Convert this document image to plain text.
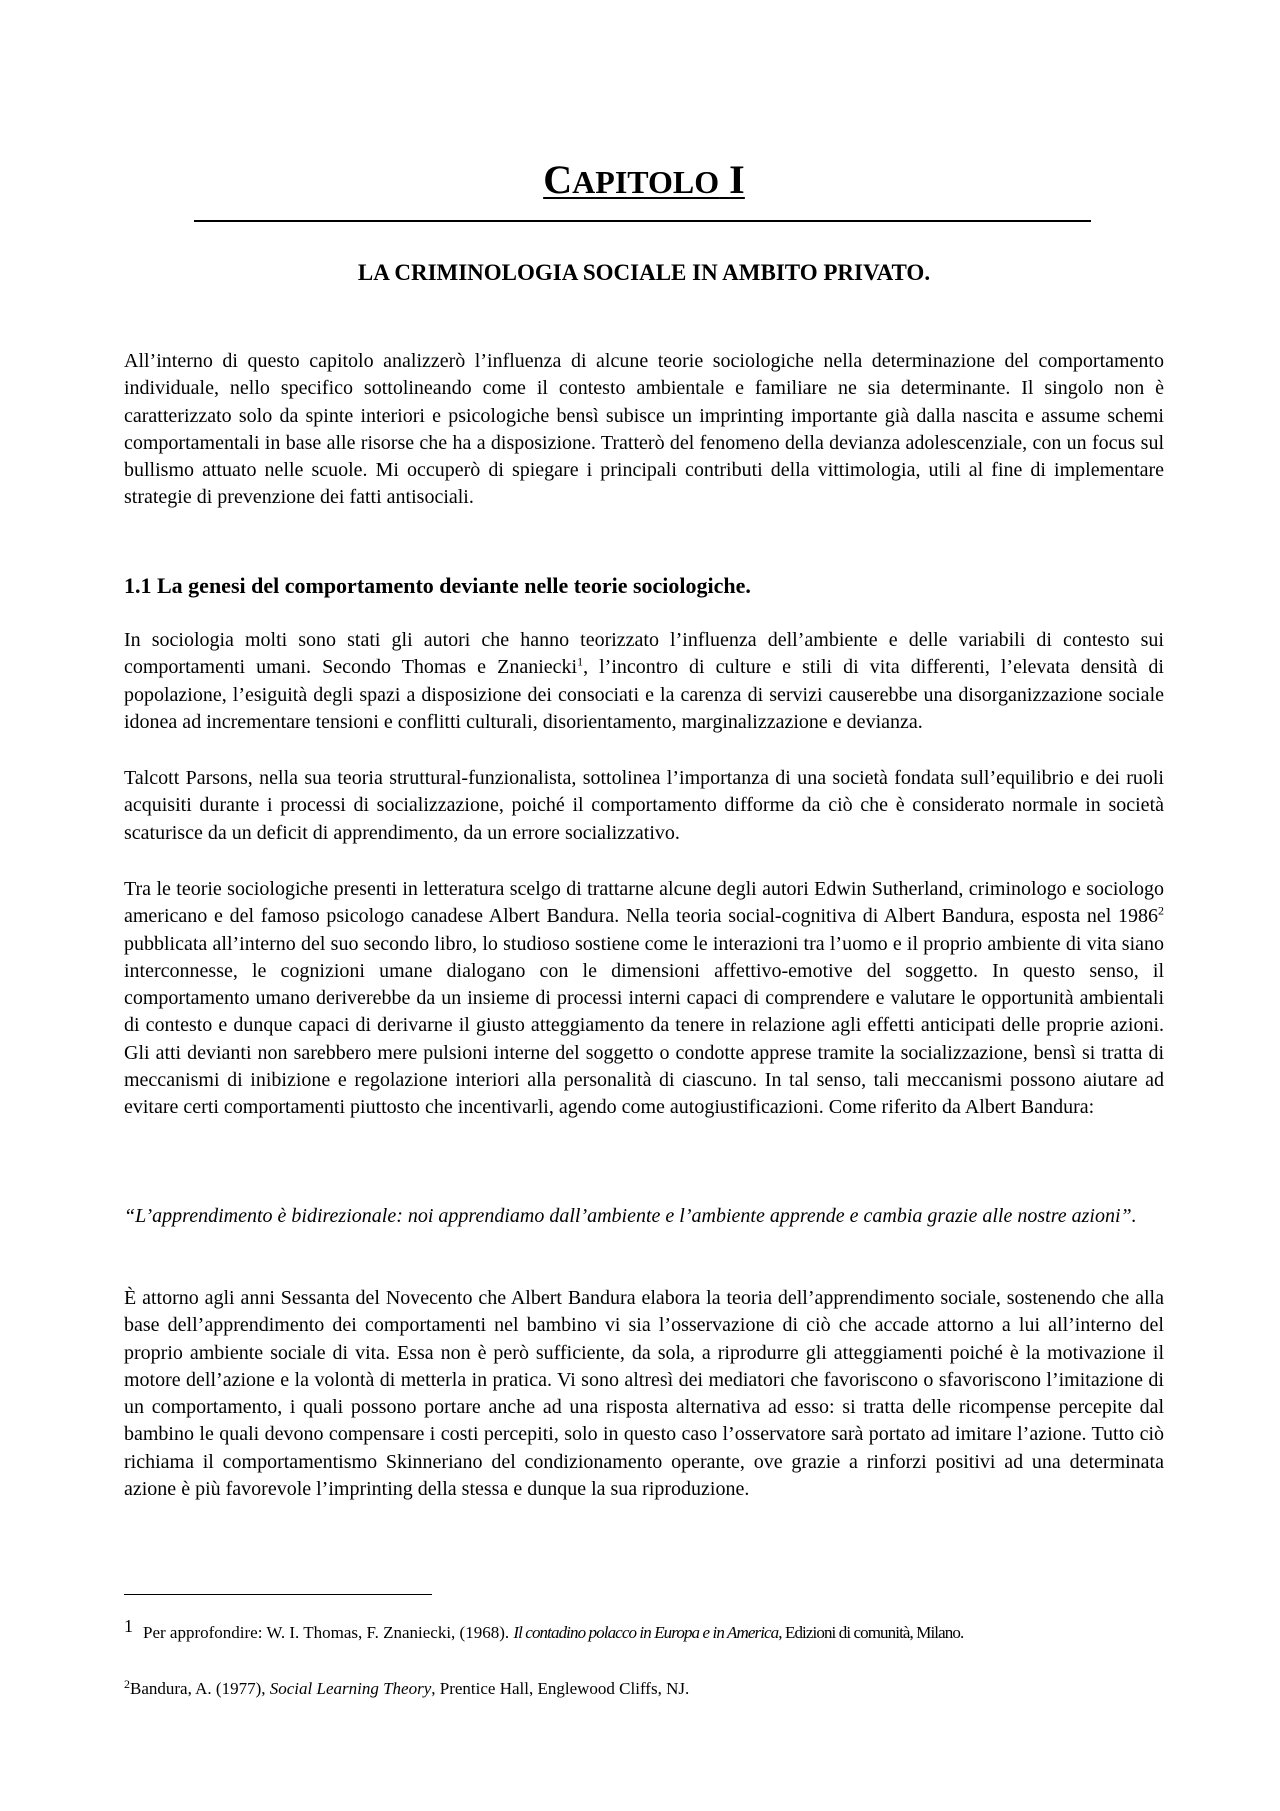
CAPITOLO I
LA CRIMINOLOGIA SOCIALE IN AMBITO PRIVATO.

All’interno di questo capitolo analizzerò l’influenza di alcune teorie sociologiche nella determinazione del comportamento individuale, nello specifico sottolineando come il contesto ambientale e familiare ne sia determinante. Il singolo non è caratterizzato solo da spinte interiori e psicologiche bensì subisce un imprinting importante già dalla nascita e assume schemi comportamentali in base alle risorse che ha a disposizione. Tratterò del fenomeno della devianza adolescenziale, con un focus sul bullismo attuato nelle scuole. Mi occuperò di spiegare i principali contributi della vittimologia, utili al fine di implementare strategie di prevenzione dei fatti antisociali.

1.1 La genesi del comportamento deviante nelle teorie sociologiche.

In sociologia molti sono stati gli autori che hanno teorizzato l’influenza dell’ambiente e delle variabili di contesto sui comportamenti umani. Secondo Thomas e Znaniecki$^1$, l’incontro di culture e stili di vita differenti, l’elevata densità di popolazione, l’esiguità degli spazi a disposizione dei consociati e la carenza di servizi causerebbe una disorganizzazione sociale idonea ad incrementare tensioni e conflitti culturali, disorientamento, marginalizzazione e devianza.

Talcott Parsons, nella sua teoria struttural-funzionalista, sottolinea l’importanza di una società fondata sull’equilibrio e dei ruoli acquisiti durante i processi di socializzazione, poiché il comportamento difforme da ciò che è considerato normale in società scaturisce da un deficit di apprendimento, da un errore socializzativo.

Tra le teorie sociologiche presenti in letteratura scelgo di trattarne alcune degli autori Edwin Sutherland, criminologo e sociologo americano e del famoso psicologo canadese Albert Bandura. Nella teoria social-cognitiva di Albert Bandura, esposta nel 1986$^2$ pubblicata all’interno del suo secondo libro, lo studioso sostiene come le interazioni tra l’uomo e il proprio ambiente di vita siano interconnesse, le cognizioni umane dialogano con le dimensioni affettivo-emotive del soggetto. In questo senso, il comportamento umano deriverebbe da un insieme di processi interni capaci di comprendere e valutare le opportunità ambientali di contesto e dunque capaci di derivarne il giusto atteggiamento da tenere in relazione agli effetti anticipati delle proprie azioni. Gli atti devianti non sarebbero mere pulsioni interne del soggetto o condotte apprese tramite la socializzazione, bensì si tratta di meccanismi di inibizione e regolazione interiori alla personalità di ciascuno. In tal senso, tali meccanismi possono aiutare ad evitare certi comportamenti piuttosto che incentivarli, agendo come autogiustificazioni. Come riferito da Albert Bandura:

“L’apprendimento è bidirezionale: noi apprendiamo dall’ambiente e l’ambiente apprende e cambia grazie alle nostre azioni”.

È attorno agli anni Sessanta del Novecento che Albert Bandura elabora la teoria dell’apprendimento sociale, sostenendo che alla base dell’apprendimento dei comportamenti nel bambino vi sia l’osservazione di ciò che accade attorno a lui all’interno del proprio ambiente sociale di vita. Essa non è però sufficiente, da sola, a riprodurre gli atteggiamenti poiché è la motivazione il motore dell’azione e la volontà di metterla in pratica. Vi sono altresì dei mediatori che favoriscono o sfavoriscono l’imitazione di un comportamento, i quali possono portare anche ad una risposta alternativa ad esso: si tratta delle ricompense percepite dal bambino le quali devono compensare i costi percepiti, solo in questo caso l’osservatore sarà portato ad imitare l’azione. Tutto ciò richiama il comportamentismo Skinneriano del condizionamento operante, ove grazie a rinforzi positivi ad una determinata azione è più favorevole l’imprinting della stessa e dunque la sua riproduzione.

1 Per approfondire: W. I. Thomas, F. Znaniecki, (1968). Il contadino polacco in Europa e in America, Edizioni di comunità, Milano.

$^2$Bandura, A. (1977), Social Learning Theory, Prentice Hall, Englewood Cliffs, NJ.
